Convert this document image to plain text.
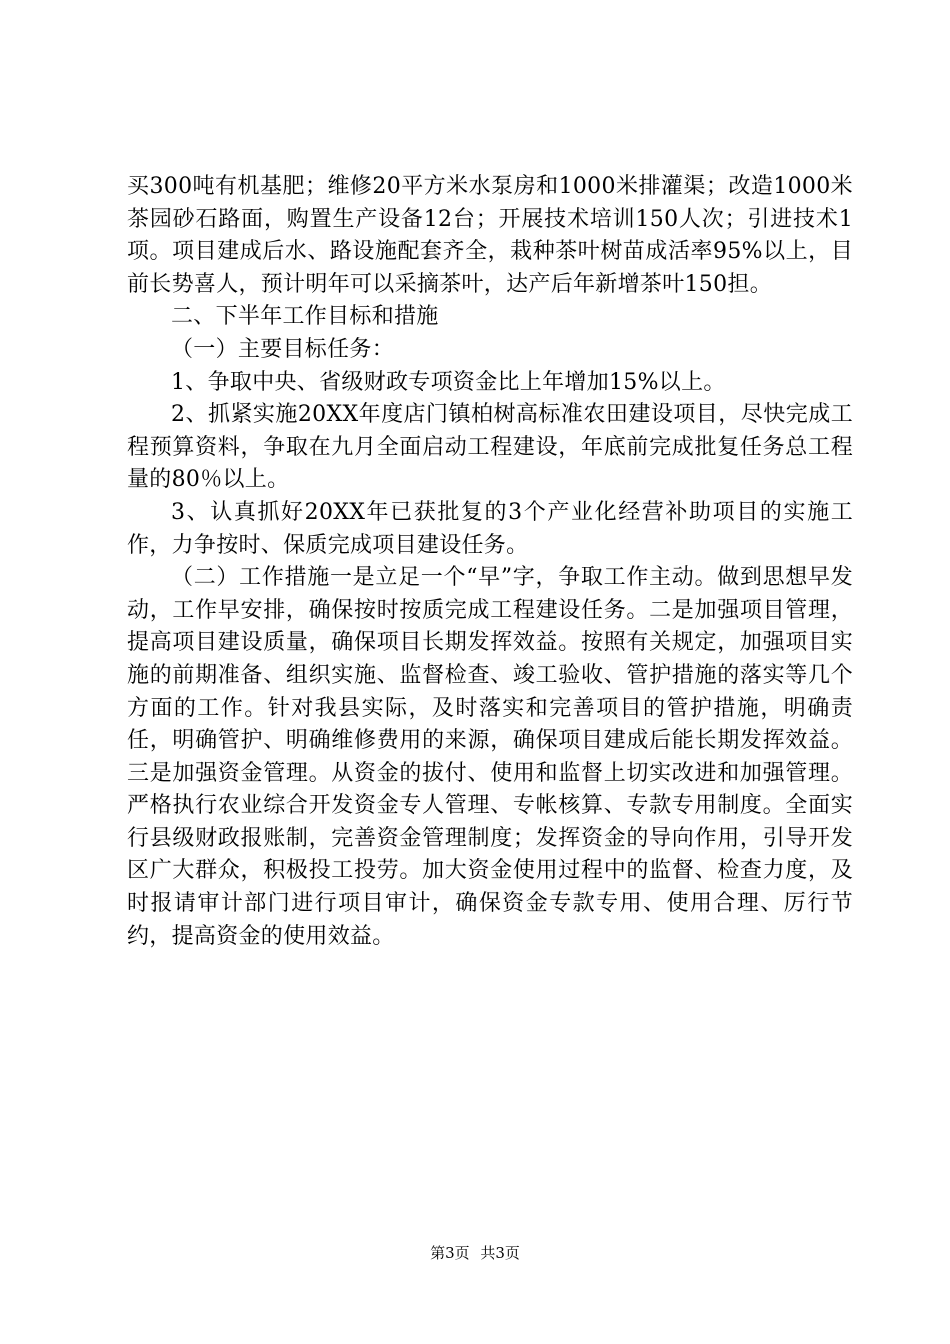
买300吨有机基肥；维修20平方米水泵房和1000米排灌渠；改造1000米茶园砂石路面，购置生产设备12台；开展技术培训150人次；引进技术1项。项目建成后水、路设施配套齐全，栽种茶叶树苗成活率95%以上，目前长势喜人，预计明年可以采摘茶叶，达产后年新增茶叶150担。

二、下半年工作目标和措施

（一）主要目标任务：

1、争取中央、省级财政专项资金比上年增加15%以上。

2、抓紧实施20XX年度店门镇柏树高标准农田建设项目，尽快完成工程预算资料，争取在九月全面启动工程建设，年底前完成批复任务总工程量的80％以上。

3、认真抓好20XX年已获批复的3个产业化经营补助项目的实施工作，力争按时、保质完成项目建设任务。

（二）工作措施一是立足一个“早”字，争取工作主动。做到思想早发动，工作早安排，确保按时按质完成工程建设任务。二是加强项目管理，提高项目建设质量，确保项目长期发挥效益。按照有关规定，加强项目实施的前期准备、组织实施、监督检查、竣工验收、管护措施的落实等几个方面的工作。针对我县实际，及时落实和完善项目的管护措施，明确责任，明确管护、明确维修费用的来源，确保项目建成后能长期发挥效益。三是加强资金管理。从资金的拔付、使用和监督上切实改进和加强管理。严格执行农业综合开发资金专人管理、专帐核算、专款专用制度。全面实行县级财政报账制，完善资金管理制度；发挥资金的导向作用，引导开发区广大群众，积极投工投劳。加大资金使用过程中的监督、检查力度，及时报请审计部门进行项目审计，确保资金专款专用、使用合理、厉行节约，提高资金的使用效益。

第3页 共3页
